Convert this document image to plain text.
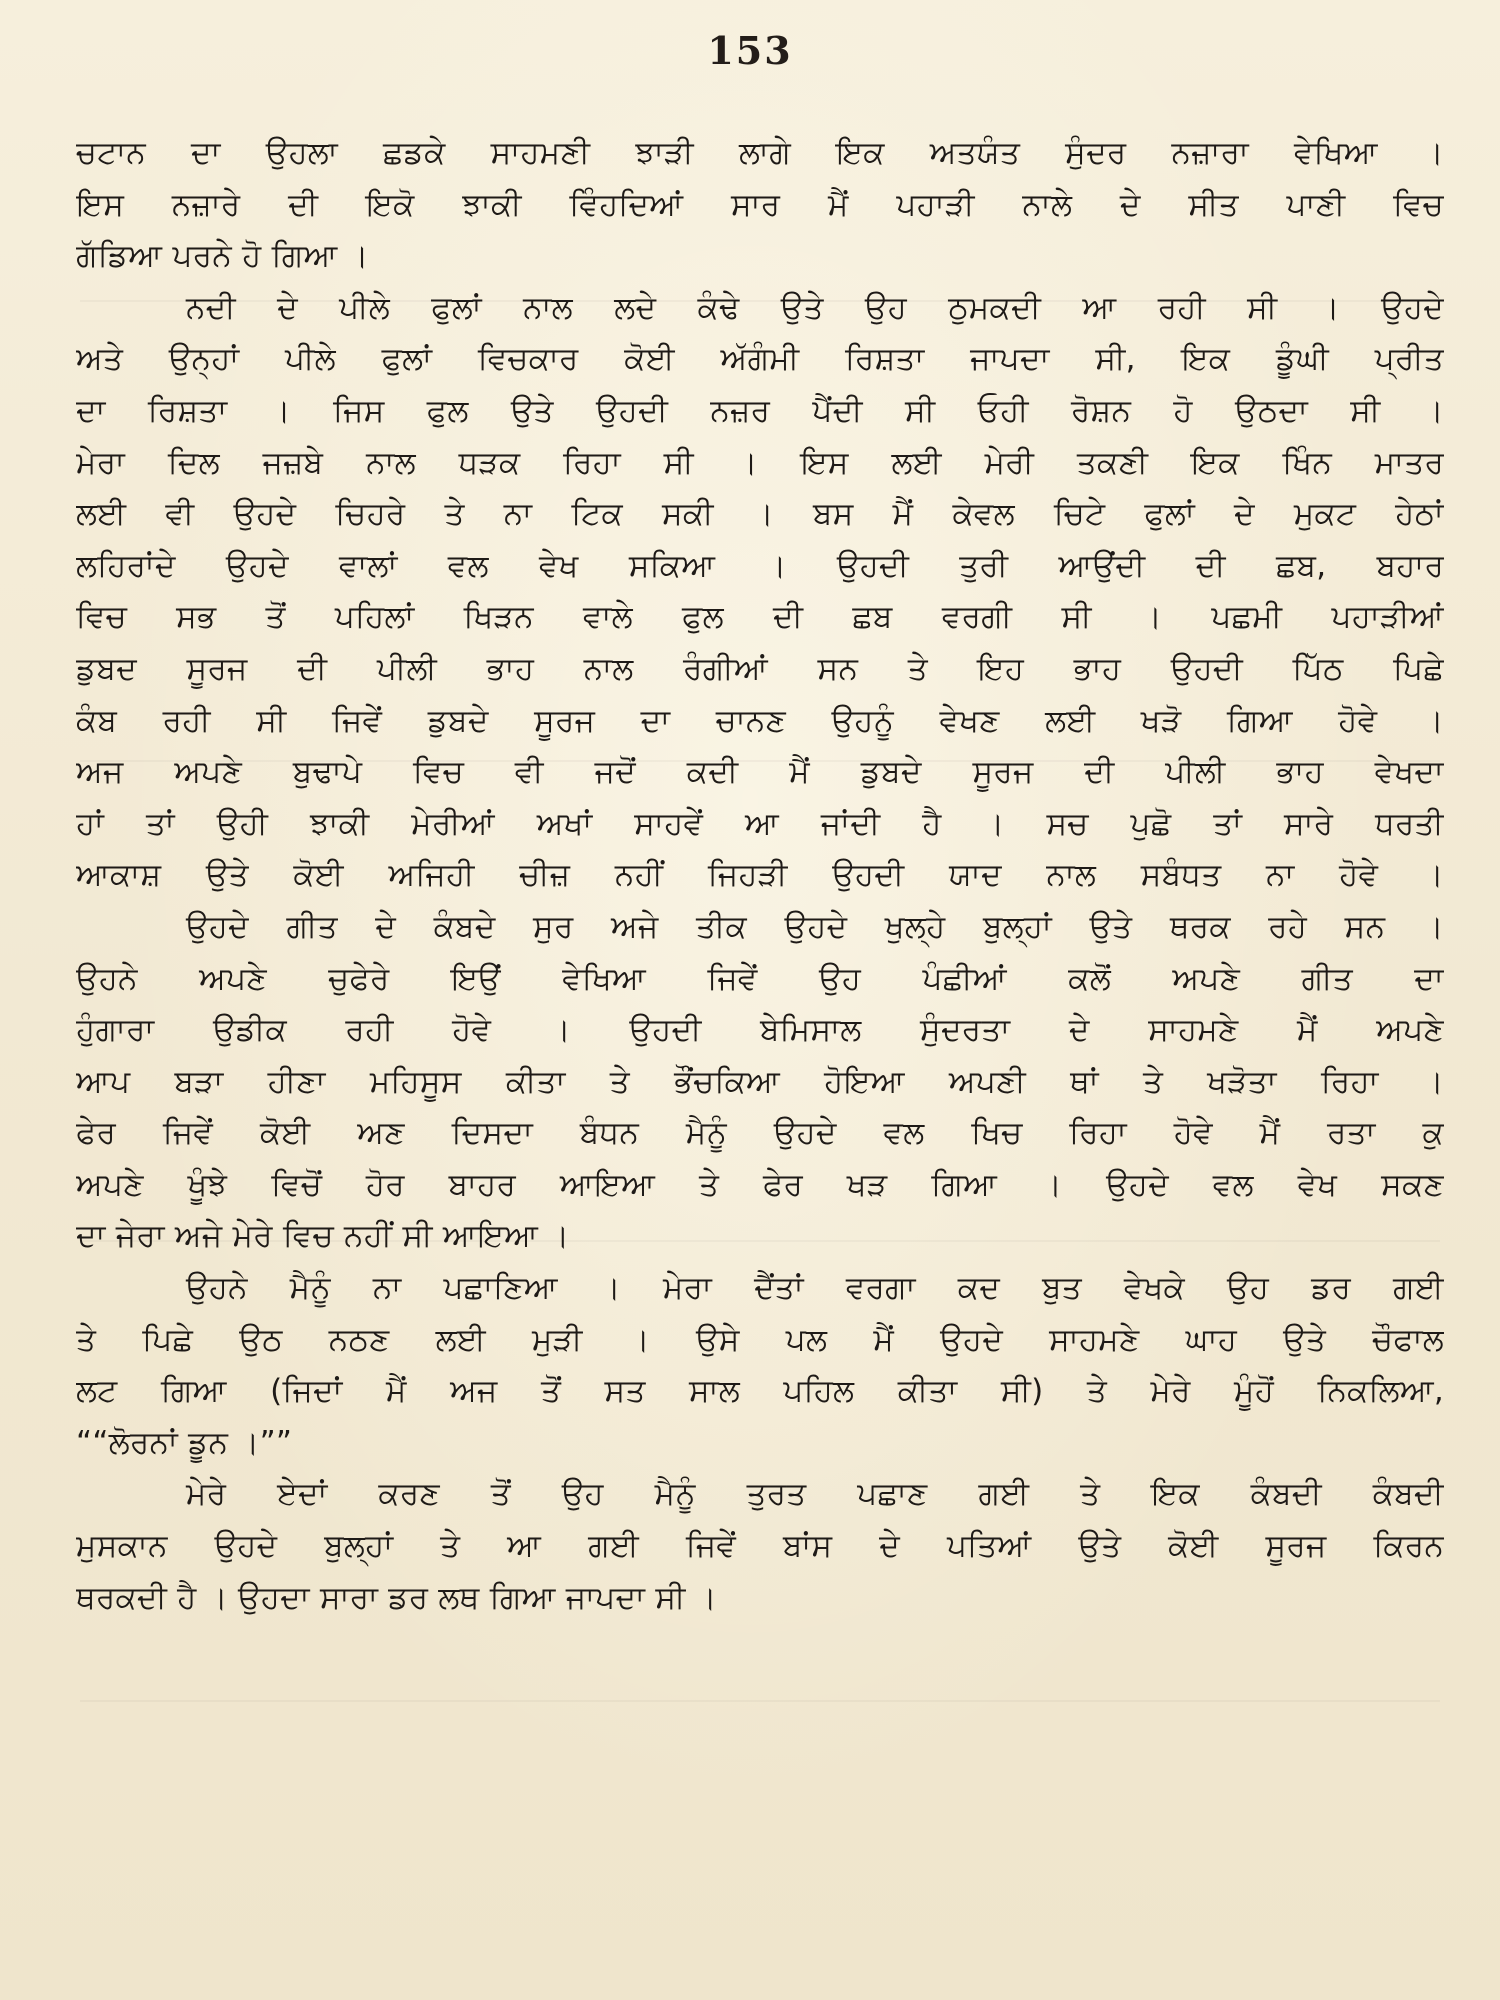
153
ਚਟਾਨ ਦਾ ਉਹਲਾ ਛਡਕੇ ਸਾਹਮਣੀ ਝਾੜੀ ਲਾਗੇ ਇਕ ਅਤਯੰਤ ਸੁੰਦਰ ਨਜ਼ਾਰਾ ਵੇਖਿਆ ।
ਇਸ ਨਜ਼ਾਰੇ ਦੀ ਇਕੋ ਝਾਕੀ ਵਿੰਹਦਿਆਂ ਸਾਰ ਮੈਂ ਪਹਾੜੀ ਨਾਲੇ ਦੇ ਸੀਤ ਪਾਣੀ ਵਿਚ
ਗੱਡਿਆ ਪਰਨੇ ਹੋ ਗਿਆ ।
ਨਦੀ ਦੇ ਪੀਲੇ ਫੁਲਾਂ ਨਾਲ ਲਦੇ ਕੰਢੇ ਉਤੇ ਉਹ ਠੁਮਕਦੀ ਆ ਰਹੀ ਸੀ । ਉਹਦੇ
ਅਤੇ ਉਨ੍ਹਾਂ ਪੀਲੇ ਫੁਲਾਂ ਵਿਚਕਾਰ ਕੋਈ ਅੱਗੰਮੀ ਰਿਸ਼ਤਾ ਜਾਪਦਾ ਸੀ, ਇਕ ਡੂੰਘੀ ਪ੍ਰੀਤ
ਦਾ ਰਿਸ਼ਤਾ । ਜਿਸ ਫੁਲ ਉਤੇ ਉਹਦੀ ਨਜ਼ਰ ਪੈਂਦੀ ਸੀ ਓਹੀ ਰੋਸ਼ਨ ਹੋ ਉਠਦਾ ਸੀ ।
ਮੇਰਾ ਦਿਲ ਜਜ਼ਬੇ ਨਾਲ ਧੜਕ ਰਿਹਾ ਸੀ । ਇਸ ਲਈ ਮੇਰੀ ਤਕਣੀ ਇਕ ਖਿੰਨ ਮਾਤਰ
ਲਈ ਵੀ ਉਹਦੇ ਚਿਹਰੇ ਤੇ ਨਾ ਟਿਕ ਸਕੀ । ਬਸ ਮੈਂ ਕੇਵਲ ਚਿਟੇ ਫੁਲਾਂ ਦੇ ਮੁਕਟ ਹੇਠਾਂ
ਲਹਿਰਾਂਦੇ ਉਹਦੇ ਵਾਲਾਂ ਵਲ ਵੇਖ ਸਕਿਆ । ਉਹਦੀ ਤੁਰੀ ਆਉਂਦੀ ਦੀ ਛਬ, ਬਹਾਰ
ਵਿਚ ਸਭ ਤੋਂ ਪਹਿਲਾਂ ਖਿੜਨ ਵਾਲੇ ਫੁਲ ਦੀ ਛਬ ਵਰਗੀ ਸੀ । ਪਛਮੀ ਪਹਾੜੀਆਂ
ਡੁਬਦ ਸੂਰਜ ਦੀ ਪੀਲੀ ਭਾਹ ਨਾਲ ਰੰਗੀਆਂ ਸਨ ਤੇ ਇਹ ਭਾਹ ਉਹਦੀ ਪਿੱਠ ਪਿਛੇ
ਕੰਬ ਰਹੀ ਸੀ ਜਿਵੇਂ ਡੁਬਦੇ ਸੂਰਜ ਦਾ ਚਾਨਣ ਉਹਨੂੰ ਵੇਖਣ ਲਈ ਖੜੋ ਗਿਆ ਹੋਵੇ ।
ਅਜ ਅਪਣੇ ਬੁਢਾਪੇ ਵਿਚ ਵੀ ਜਦੋਂ ਕਦੀ ਮੈਂ ਡੁਬਦੇ ਸੂਰਜ ਦੀ ਪੀਲੀ ਭਾਹ ਵੇਖਦਾ
ਹਾਂ ਤਾਂ ਉਹੀ ਝਾਕੀ ਮੇਰੀਆਂ ਅਖਾਂ ਸਾਹਵੇਂ ਆ ਜਾਂਦੀ ਹੈ । ਸਚ ਪੁਛੋ ਤਾਂ ਸਾਰੇ ਧਰਤੀ
ਆਕਾਸ਼ ਉਤੇ ਕੋਈ ਅਜਿਹੀ ਚੀਜ਼ ਨਹੀਂ ਜਿਹੜੀ ਉਹਦੀ ਯਾਦ ਨਾਲ ਸਬੰਧਤ ਨਾ ਹੋਵੇ ।
ਉਹਦੇ ਗੀਤ ਦੇ ਕੰਬਦੇ ਸੁਰ ਅਜੇ ਤੀਕ ਉਹਦੇ ਖੁਲ੍ਹੇ ਬੁਲ੍ਹਾਂ ਉਤੇ ਥਰਕ ਰਹੇ ਸਨ ।
ਉਹਨੇ ਅਪਣੇ ਚੁਫੇਰੇ ਇਉਂ ਵੇਖਿਆ ਜਿਵੇਂ ਉਹ ਪੰਛੀਆਂ ਕਲੋਂ ਅਪਣੇ ਗੀਤ ਦਾ
ਹੁੰਗਾਰਾ ਉਡੀਕ ਰਹੀ ਹੋਵੇ । ਉਹਦੀ ਬੇਮਿਸਾਲ ਸੁੰਦਰਤਾ ਦੇ ਸਾਹਮਣੇ ਮੈਂ ਅਪਣੇ
ਆਪ ਬੜਾ ਹੀਣਾ ਮਹਿਸੂਸ ਕੀਤਾ ਤੇ ਭੌਂਚਕਿਆ ਹੋਇਆ ਅਪਣੀ ਥਾਂ ਤੇ ਖੜੋਤਾ ਰਿਹਾ ।
ਫੇਰ ਜਿਵੇਂ ਕੋਈ ਅਣ ਦਿਸਦਾ ਬੰਧਨ ਮੈਨੂੰ ਉਹਦੇ ਵਲ ਖਿਚ ਰਿਹਾ ਹੋਵੇ ਮੈਂ ਰਤਾ ਕੁ
ਅਪਣੇ ਖੂੰਝੇ ਵਿਚੋਂ ਹੋਰ ਬਾਹਰ ਆਇਆ ਤੇ ਫੇਰ ਖੜ ਗਿਆ । ਉਹਦੇ ਵਲ ਵੇਖ ਸਕਣ
ਦਾ ਜੇਰਾ ਅਜੇ ਮੇਰੇ ਵਿਚ ਨਹੀਂ ਸੀ ਆਇਆ ।
ਉਹਨੇ ਮੈਨੂੰ ਨਾ ਪਛਾਣਿਆ । ਮੇਰਾ ਦੈਂਤਾਂ ਵਰਗਾ ਕਦ ਬੁਤ ਵੇਖਕੇ ਉਹ ਡਰ ਗਈ
ਤੇ ਪਿਛੇ ਉਠ ਨਠਣ ਲਈ ਮੁੜੀ । ਉਸੇ ਪਲ ਮੈਂ ਉਹਦੇ ਸਾਹਮਣੇ ਘਾਹ ਉਤੇ ਚੌਫਾਲ
ਲਟ ਗਿਆ (ਜਿਦਾਂ ਮੈਂ ਅਜ ਤੋਂ ਸਤ ਸਾਲ ਪਹਿਲ ਕੀਤਾ ਸੀ) ਤੇ ਮੇਰੇ ਮੂੰਹੋਂ ਨਿਕਲਿਆ,
““ਲੋਰਨਾਂ ਡੂਨ ।””
ਮੇਰੇ ਏਦਾਂ ਕਰਣ ਤੋਂ ਉਹ ਮੈਨੂੰ ਤੁਰਤ ਪਛਾਣ ਗਈ ਤੇ ਇਕ ਕੰਬਦੀ ਕੰਬਦੀ
ਮੁਸਕਾਨ ਉਹਦੇ ਬੁਲ੍ਹਾਂ ਤੇ ਆ ਗਈ ਜਿਵੇਂ ਬਾਂਸ ਦੇ ਪਤਿਆਂ ਉਤੇ ਕੋਈ ਸੂਰਜ ਕਿਰਨ
ਥਰਕਦੀ ਹੈ । ਉਹਦਾ ਸਾਰਾ ਡਰ ਲਥ ਗਿਆ ਜਾਪਦਾ ਸੀ ।
